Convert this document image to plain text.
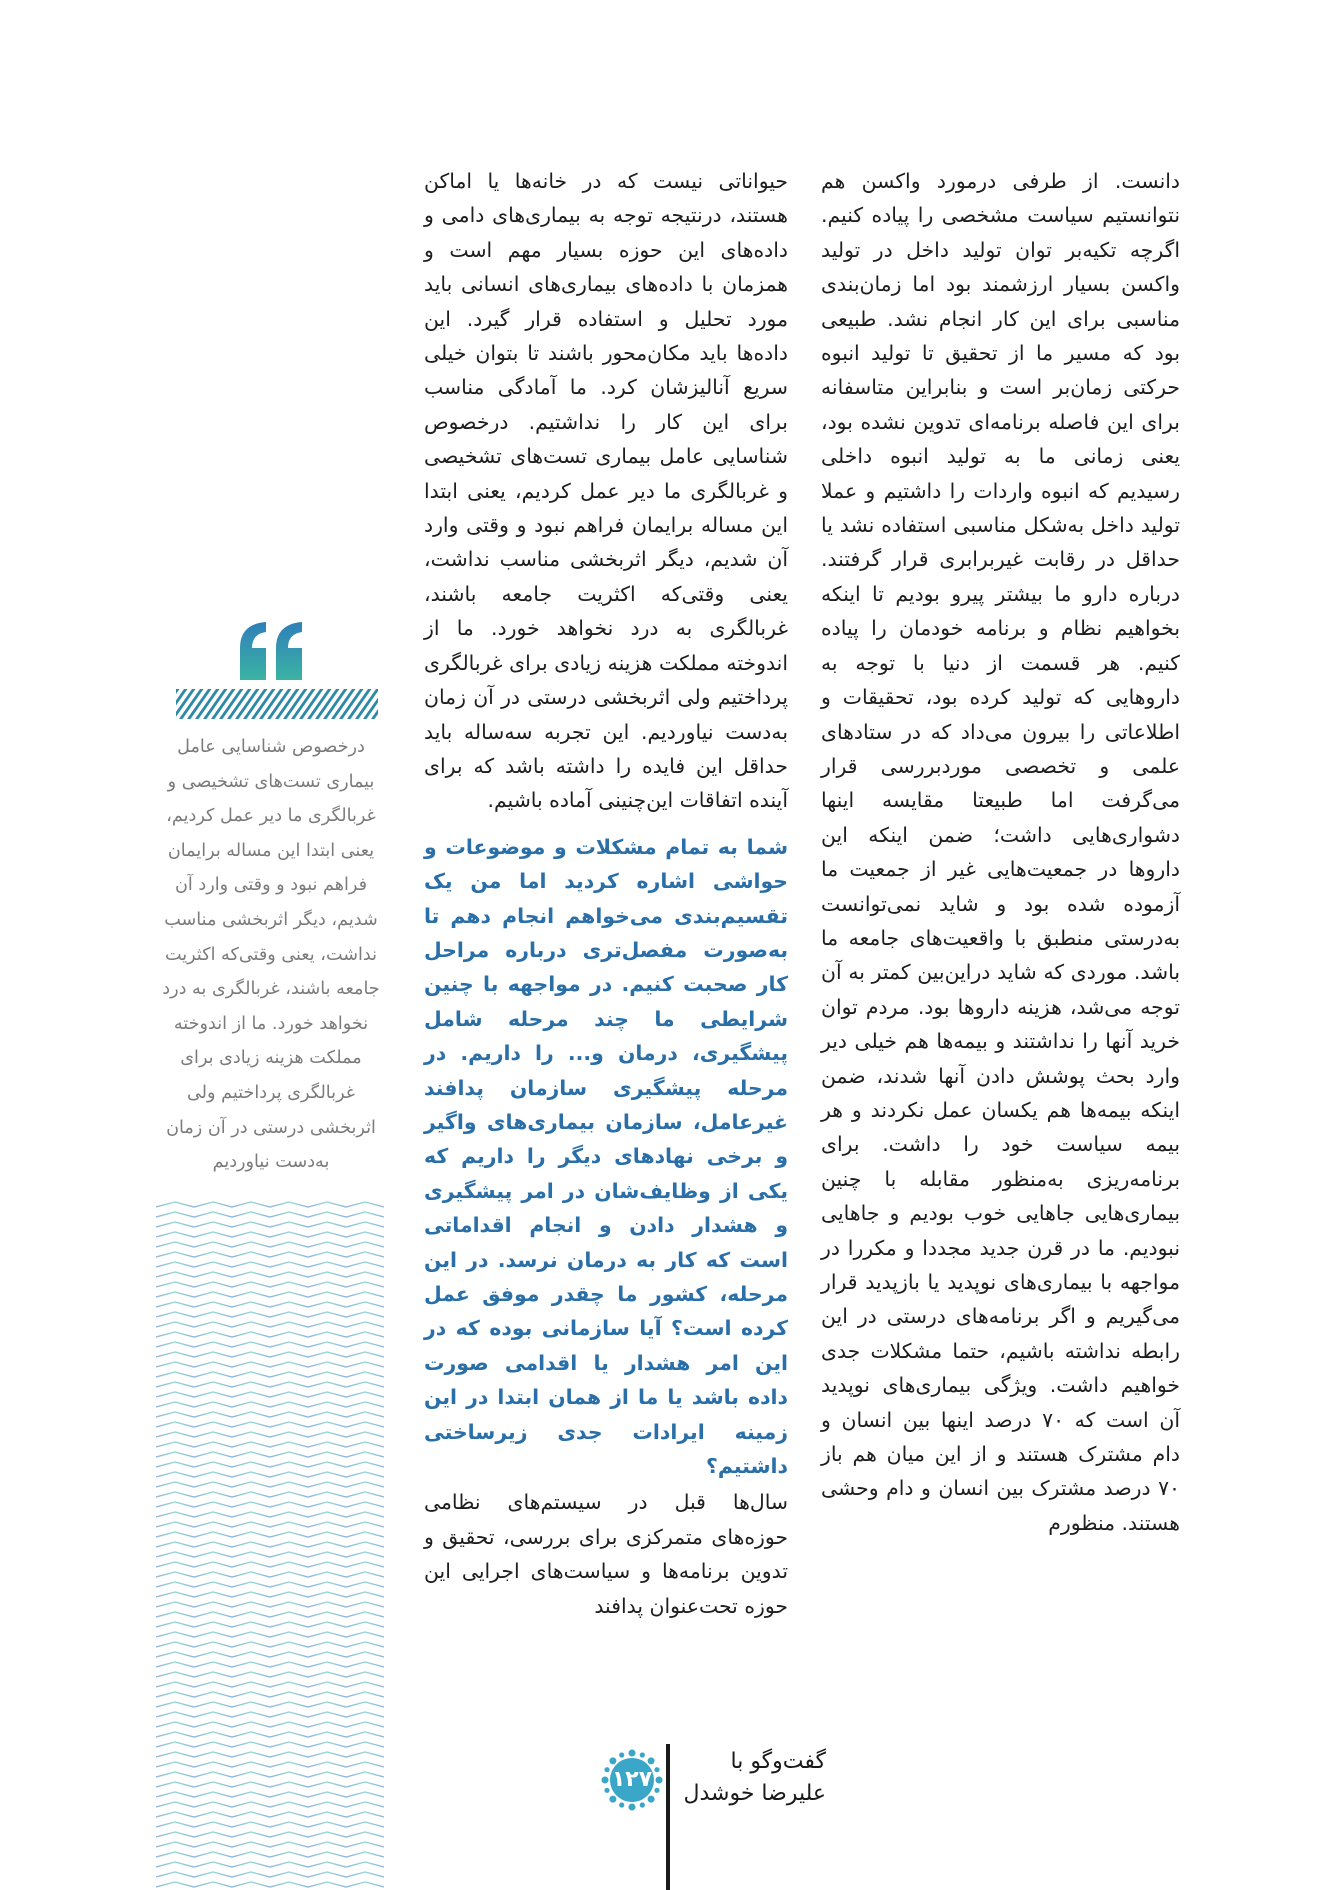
دانست. از طرفی درمورد واکسن هم نتوانستیم سیاست مشخصی را پیاده کنیم. اگرچه تکیه‌بر توان تولید داخل در تولید واکسن بسیار ارزشمند بود اما زمان‌بندی مناسبی برای این کار انجام نشد. طبیعی بود که مسیر ما از تحقیق تا تولید انبوه حرکتی زمان‌بر است و بنابراین متاسفانه برای این فاصله برنامه‌ای تدوین نشده بود، یعنی زمانی ما به تولید انبوه داخلی رسیدیم که انبوه واردات را داشتیم و عملا تولید داخل به‌شکل مناسبی استفاده نشد یا حداقل در رقابت غیربرابری قرار گرفتند. درباره دارو ما بیشتر پیرو بودیم تا اینکه بخواهیم نظام و برنامه خودمان را پیاده کنیم. هر قسمت از دنیا با توجه به داروهایی که تولید کرده بود، تحقیقات و اطلاعاتی را بیرون می‌داد که در ستادهای علمی و تخصصی موردبررسی قرار می‌گرفت اما طبیعتا مقایسه اینها دشواری‌هایی داشت؛ ضمن اینکه این داروها در جمعیت‌هایی غیر از جمعیت ما آزموده شده بود و شاید نمی‌توانست به‌درستی منطبق با واقعیت‌های جامعه ما باشد. موردی که شاید دراین‌بین کمتر به آن توجه می‌شد، هزینه داروها بود. مردم توان خرید آنها را نداشتند و بیمه‌ها هم خیلی دیر وارد بحث پوشش دادن آنها شدند، ضمن اینکه بیمه‌ها هم یکسان عمل نکردند و هر بیمه سیاست خود را داشت. برای برنامه‌ریزی به‌منظور مقابله با چنین بیماری‌هایی جاهایی خوب بودیم و جاهایی نبودیم. ما در قرن جدید مجددا و مکررا در مواجهه با بیماری‌های نوپدید یا بازپدید قرار می‌گیریم و اگر برنامه‌های درستی در این رابطه نداشته باشیم، حتما مشکلات جدی خواهیم داشت. ویژگی بیماری‌های نوپدید آن است که ۷۰ درصد اینها بین انسان و دام مشترک هستند و از این میان هم باز ۷۰ درصد مشترک بین انسان و دام وحشی هستند. منظورم

حیواناتی نیست که در خانه‌ها یا اماکن هستند، درنتیجه توجه به بیماری‌های دامی و داده‌های این حوزه بسیار مهم است و همزمان با داده‌های بیماری‌های انسانی باید مورد تحلیل و استفاده قرار گیرد. این داده‌ها باید مکان‌محور باشند تا بتوان خیلی سریع آنالیزشان کرد. ما آمادگی مناسب برای این کار را نداشتیم. درخصوص شناسایی عامل بیماری تست‌های تشخیصی و غربالگری ما دیر عمل کردیم، یعنی ابتدا این مساله برایمان فراهم نبود و وقتی وارد آن شدیم، دیگر اثربخشی مناسب نداشت، یعنی وقتی‌که اکثریت جامعه باشند، غربالگری به درد نخواهد خورد. ما از اندوخته مملکت هزینه زیادی برای غربالگری پرداختیم ولی اثربخشی درستی در آن زمان به‌دست نیاوردیم. این تجربه سه‌ساله باید حداقل این فایده را داشته باشد که برای آینده اتفاقات این‌چنینی آماده باشیم.

شما به تمام مشکلات و موضوعات و حواشی اشاره کردید اما من یک تقسیم‌بندی می‌خواهم انجام دهم تا به‌صورت مفصل‌تری درباره مراحل کار صحبت کنیم. در مواجهه با چنین شرایطی ما چند مرحله شامل پیشگیری، درمان و... را داریم. در مرحله پیشگیری سازمان پدافند غیرعامل، سازمان بیماری‌های واگیر و برخی نهادهای دیگر را داریم که یکی از وظایف‌شان در امر پیشگیری و هشدار دادن و انجام اقداماتی است که کار به درمان نرسد. در این مرحله، کشور ما چقدر موفق عمل کرده است؟ آیا سازمانی بوده که در این امر هشدار یا اقدامی صورت داده باشد یا ما از همان ابتدا در این زمینه ایرادات جدی زیرساختی داشتیم؟

سال‌ها قبل در سیستم‌های نظامی حوزه‌های متمرکزی برای بررسی، تحقیق و تدوین برنامه‌ها و سیاست‌های اجرایی این حوزه تحت‌عنوان پدافند

درخصوص شناسایی عامل بیماری تست‌های تشخیصی و غربالگری ما دیر عمل کردیم، یعنی ابتدا این مساله برایمان فراهم نبود و وقتی وارد آن شدیم، دیگر اثربخشی مناسب نداشت، یعنی وقتی‌که اکثریت جامعه باشند، غربالگری به درد نخواهد خورد. ما از اندوخته مملکت هزینه زیادی برای غربالگری پرداختیم ولی اثربخشی درستی در آن زمان به‌دست نیاوردیم

۱۲۷
گفت‌وگو با
علیرضا خوشدل
